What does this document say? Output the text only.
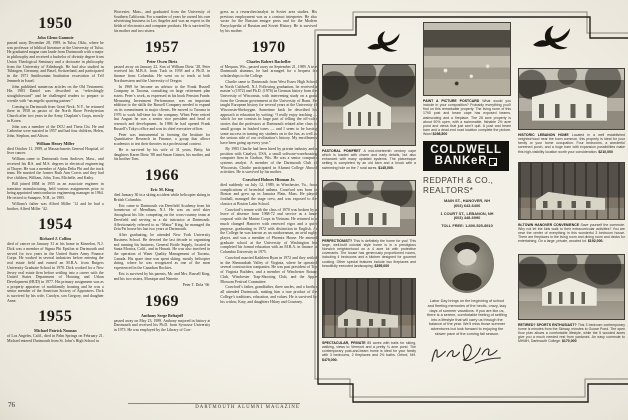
1950
John Glenn Gammie
passed away December 28, 1989, in Tulsa, Okla., where he was professor of biblical literature at the University of Tulsa. He graduated magna cum laude from Dartmouth with a major in philosophy and received a bachelor of divinity degree from Union Theological Seminary and a doctorate in philosophy from the University of Edinburgh. He had also studied in Tübingen, Germany, and Basel, Switzerland, and participated in the 1971 Smithsonian Institution excavation of Tell Jemmeh in Israel.
John published numerous articles on the Old Testament. His 1983 Daniel was described as “refreshingly straightforward” and he challenged readers to prepare to wrestle with “an angelic sparring partner.”
Coming to Dartmouth from Great Neck, N.Y., he returned there in 1958 as pastor of the North Shore Presbyterian Church after two years in the Army Chaplain’s Corps, mostly in Korea.
John was a member of the DCU and Theta Chi. He and Catherine were married in 1957 and had four children, Helen, John, Stephan, and Alison.
William Henry Miller
died October 11, 1989, at Massachusetts General Hospital, of liver cancer.
William came to Dartmouth from Andover, Mass., and received his B.S. and M.S. degrees in electrical engineering at Thayer. He was a member of Alpha Delta Phi and the track team. He married the former Ruth Ann Cravis and they had five children, William, John, Tom, Michelle, and Kathy.
Bill joined IBM in 1955 as an associate engineer in transistor manufacturing, held various assignments prior to being appointed semiconductor engineering manager in 1964. He retired to Sunapee, N.H., in 1985.
William’s father was Alfred Miller ’12 and he had a brother, Alfred Miller ’42.
1954
Richard J. Collins
died of cancer on January 31 at his home in Kinnelon, N.J. Dick was a member of Sigma Phi Epsilon at Dartmouth and served for two years in the United States Army Finance Corps. He worked in several industries before entering the real estate field and earned an M.B.A. from Rutgers University Graduate School in 1970. Dick worked for a New Jersey real estate firm before settling into a career with the United States Department of Housing and Urban Development (HUD) in 1977. His primary assignment was as a property appraiser of multifamily housing and he was a senior member of the American Society of Appraisers. Dick is survived by his wife, Carolyn, son Gregory, and daughter Anne.
1955
Michael Patrick Noonan
of Los Angeles, Calif., died in Palm Springs on February 21. Michael entered Dartmouth from St. John’s High School in
Worcester, Mass., and graduated from the University of Southern California. For a number of years he owned his own advertising business in Los Angeles and was an expert in the fields of electronics and computer products. He is survived by his mother and two sisters.
1957
Peter Owen Dietz
passed away on January 22. Son of William Dietz ’28, Peter received his M.B.A. from Tuck in 1958 and a Ph.D. in finance from Columbia. He went on to teach at both Northwestern and the University of Oregon.
In 1969 he became an advisor to the Frank Russell Company in Tacoma, consulting on large retirement plan assets. Peter’s work, as expressed in his book Pension Funds: Measuring Investment Performance, was an important addition to the skills the Russell Company needed to expand on its commitment to major clients. He moved to Tacoma in 1976 to work full-time for the company. When Peter retired last August he was a senior vice president and head of research and development. In 1986 he had opened Frank Russell’s Tokyo office and was its chief executive officer.
Peter was instrumental in forming the Institute for Quantitative Research in Finance, a group that allows academics to test their theories in a professional context.
He is survived by his wife of 31 years, Betty, his daughters Karen Dietz ’88 and Susan Grimes, his mother, and his brother Tom.
1966
Eric M. King
died January 30 in a skiing accident while helicopter skiing in British Columbia.
Eric came to Dartmouth via Deerfield Academy from his hometown of Mendham, N.J. He was an avid skier throughout his life, competing on the cross-country team at Deerfield and serving as a ski instructor at Dartmouth. Affectionately referred to as “Mator” King, he managed the Zeta Psi house his last two years at Dartmouth.
After graduating, he attended New York University Business School. He devoted the last decade to organizing and running his business, General Bottle Supply, located in Santa Monica, Calif., and in Hawaii. He was also involved in the operation of Water Quality Management of Toronto, Canada. His spare time was spent skiing, mostly helicopter skiing, where he was recognized as one of the most experienced in the Canadian Rockies.
Eric is survived by his parents, Mr. and Mrs. Russell King, and his two sisters, Monique and Nanette.
Peter T. Dola ’66
1969
Anthony Serge Beltajeff
passed away on May 23, 1989. Anthony majored in history at Dartmouth and received his Ph.D. from Syracuse University in 1973. He was employed by the Library of Con-
gress as a researcher/analyst in Soviet area studies. His previous employment was as a contract interpreter. He also wrote for the Russian emigre press and for the Modern Encyclopedia of Russian and Soviet History. He is survived by his mother.
1970
Charles Robert Bacheller
of Mequon, Wis., passed away on September 21, 1989. A true Dartmouth alumnus, he had arranged for a bequest for scholarships to the College.
Charlie came to Dartmouth from West Essex High School in North Caldwell, N.J. Following graduation, he received a master’s (1972) and Ph.D. (1976) in German history from the University of Wisconsin, with intervening study on a grant from the German government at the University of Bonn. He taught European history for several years at the University of Wisconsin-Sheboygan. Sometime back he described his approach to education by writing: “I really enjoy teaching — which for me consists in large part of telling the off-color stories that the professors at Dartmouth related after class to small groups in hushed tones — and I seem to be having some success in turning my students on to the fun, as well as the serious side of our civilization’s history. My enrollments have been going up every year.”
By 1983 Charlie had been hired by private industry and a position with Catalyst, USA, a small software-warehousing computer firm in Grafton, Wis. He was a senior computer systems analyst. A member of the Dartmouth Club of Wisconsin, Charlie participated in Alumni College Abroad activities. He is survived by his mother.
Crawford Holmes Hinman Jr.
died suddenly on July 12, 1989, in Winchester, Va., from complications of bronchial asthma. Crawford was born in Boston and grew up in Jamaica Plain, Mass. He played football, managed the stage crew, and was exposed to the classics at Boston Latin School.
Crawford’s tenure with the class of 1970 was broken by a leave of absence from 1968-72 and service as a lance corporal with the Marine Corps in Vietnam. He returned to a much changed Hanover with renewed vigor and a quiet purpose, graduating in 1972 with distinction in English. At the College he was known as an outdoorsman, an avid rugby player, and was a member of Phoenix House. He entered graduate school at the University of Washington but completed his formal education with an M.B.A. in finance at Columbia University in 1975.
Crawford married Kathleen Ryan in 1972 and they settled in the Shenandoah Valley of Virginia, where he operated several construction companies. He was past president of Top of Virginia Builders, and a member of Winchester Rotary Club, Winchester Trap-Shooting Club, and the Apple Blossom Festival Committee.
Crawford’s father, grandfather, three uncles, and a brother all attended Dartmouth, making him a true product of the College’s traditions, education, and values. He is survived by his widow, Katy, and daughters Hilary and Courtney.
PASTORAL POMFRET A mid-nineteenth century cape which is loaded with charm and early details, but also enhanced with many updated systems. The picturesque setting is completed by an old barn and a brook with a swimming hole on the 7 rural acres. $145,000.
PERFECTIONIST? This is definitely the home for you! This large, well-built colonial style home is in a prestigious Norwich neighborhood on a 4 acre lot with protective covenants. The house has generously proportioned rooms, including 4 bedrooms and a kitchen designed for gourmet cooking. Other special features include two fireplaces and beautifully executed landscaping. $395,000
SPECTACULAR, PRIVATE 85 acres with trails for skiing, walking, views to Vermont and a pretty ¾ acre pond. The contemporary post-and-beam home is ideal for your family with 3 bedrooms, 2 fireplaces and 2½ baths. Orford, NH. $475,000.
PAINT A PICTURE POSTCARD What would you include in your composition? Probably everything you’ll find on this remarkable property. The living room of this 1790 post and beam cape has exposed beams, wainscoting and a fireplace. The 26 acre property is about 90% open, with a swimmable, fishable 2½ acre pond and views that just won’t quit. A post and beam barn and a dead-end road location complete the picture. Wow! $298,500
COLDWELL
BANKeR
REDPATH & CO.,
REALTORS*
MAIN ST., HANOVER, NH
(603) 643-6406
1 COURT ST., LEBANON, NH
(603) 448-6990
TOLL FREE: 1-800-525-8910
Labor Day brings on the beginning of school and fleeting memories of the hectic, crazy, lazy days of summer vacations. If you are like us, there is a serene, comfortable feeling of settling into a lifestyle that will carry us through the balance of the year. We’ll miss those summer adventures but look forward to enjoying the slower pace of the coming fall season.
HISTORIC LEBANON HOME Located in a well established neighborhood near the town common, this property is ideal for your family or your home occupation. Four bedrooms, a wonderful screened porch, and a huge barn with expansion possibilities make this high-visibility location worth your consideration. $210,000
IN-TOWN HANOVER CONVENIENCE Save yourself the commute. Why not let the kids walk to their extracurricular activities? You are near the center of everything in this wonderful 3 bedroom house. There are fireplaces in the living room and dining room and decks for entertaining. On a large, private, wooded lot. $192,000.
RETIRED? SPORTS ENTHUSIAST? This 3 bedroom contemporary home is minutes from the Skiway, minutes to Goose Pond. The open floor plan allows a comfortable lifestyle, while the 5 wooded acres give you a much needed rest from yardwork. An easy commute to MHMH, Dartmouth College. $170,000
76	DARTMOUTH ALUMNI MAGAZINE
